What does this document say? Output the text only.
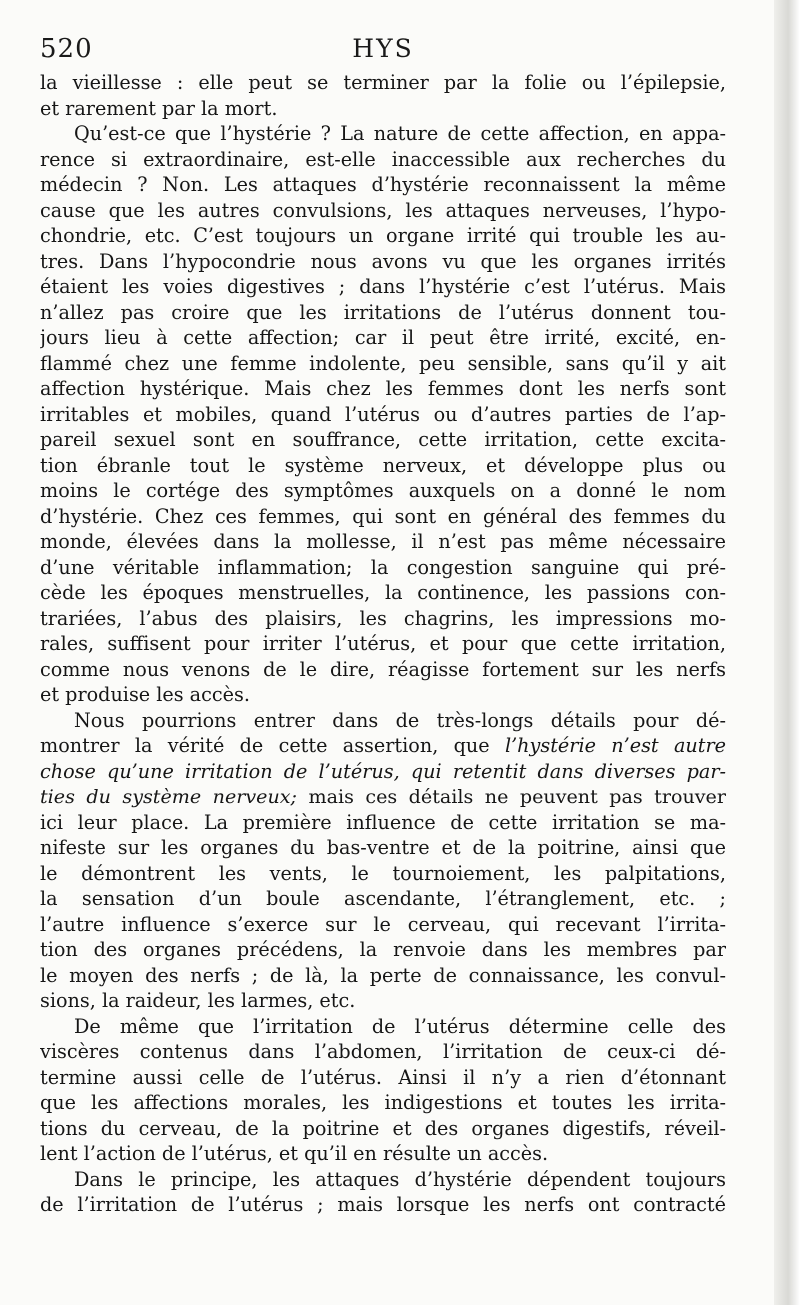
520	HYS
la vieillesse : elle peut se terminer par la folie ou l’épilepsie,
et rarement par la mort.
Qu’est-ce que l’hystérie ? La nature de cette affection, en appa-
rence si extraordinaire, est-elle inaccessible aux recherches du
médecin ? Non. Les attaques d’hystérie reconnaissent la même
cause que les autres convulsions, les attaques nerveuses, l’hypo-
chondrie, etc. C’est toujours un organe irrité qui trouble les au-
tres. Dans l’hypocondrie nous avons vu que les organes irrités
étaient les voies digestives ; dans l’hystérie c’est l’utérus. Mais
n’allez pas croire que les irritations de l’utérus donnent tou-
jours lieu à cette affection; car il peut être irrité, excité, en-
flammé chez une femme indolente, peu sensible, sans qu’il y ait
affection hystérique. Mais chez les femmes dont les nerfs sont
irritables et mobiles, quand l’utérus ou d’autres parties de l’ap-
pareil sexuel sont en souffrance, cette irritation, cette excita-
tion ébranle tout le système nerveux, et développe plus ou
moins le cortége des symptômes auxquels on a donné le nom
d’hystérie. Chez ces femmes, qui sont en général des femmes du
monde, élevées dans la mollesse, il n’est pas même nécessaire
d’une véritable inflammation; la congestion sanguine qui pré-
cède les époques menstruelles, la continence, les passions con-
trariées, l’abus des plaisirs, les chagrins, les impressions mo-
rales, suffisent pour irriter l’utérus, et pour que cette irritation,
comme nous venons de le dire, réagisse fortement sur les nerfs
et produise les accès.
Nous pourrions entrer dans de très-longs détails pour dé-
montrer la vérité de cette assertion, que l’hystérie n’est autre
chose qu’une irritation de l’utérus, qui retentit dans diverses par-
ties du système nerveux; mais ces détails ne peuvent pas trouver
ici leur place. La première influence de cette irritation se ma-
nifeste sur les organes du bas-ventre et de la poitrine, ainsi que
le démontrent les vents, le tournoiement, les palpitations,
la sensation d’un boule ascendante, l’étranglement, etc. ;
l’autre influence s’exerce sur le cerveau, qui recevant l’irrita-
tion des organes précédens, la renvoie dans les membres par
le moyen des nerfs ; de là, la perte de connaissance, les convul-
sions, la raideur, les larmes, etc.
De même que l’irritation de l’utérus détermine celle des
viscères contenus dans l’abdomen, l’irritation de ceux-ci dé-
termine aussi celle de l’utérus. Ainsi il n’y a rien d’étonnant
que les affections morales, les indigestions et toutes les irrita-
tions du cerveau, de la poitrine et des organes digestifs, réveil-
lent l’action de l’utérus, et qu’il en résulte un accès.
Dans le principe, les attaques d’hystérie dépendent toujours
de l’irritation de l’utérus ; mais lorsque les nerfs ont contracté
